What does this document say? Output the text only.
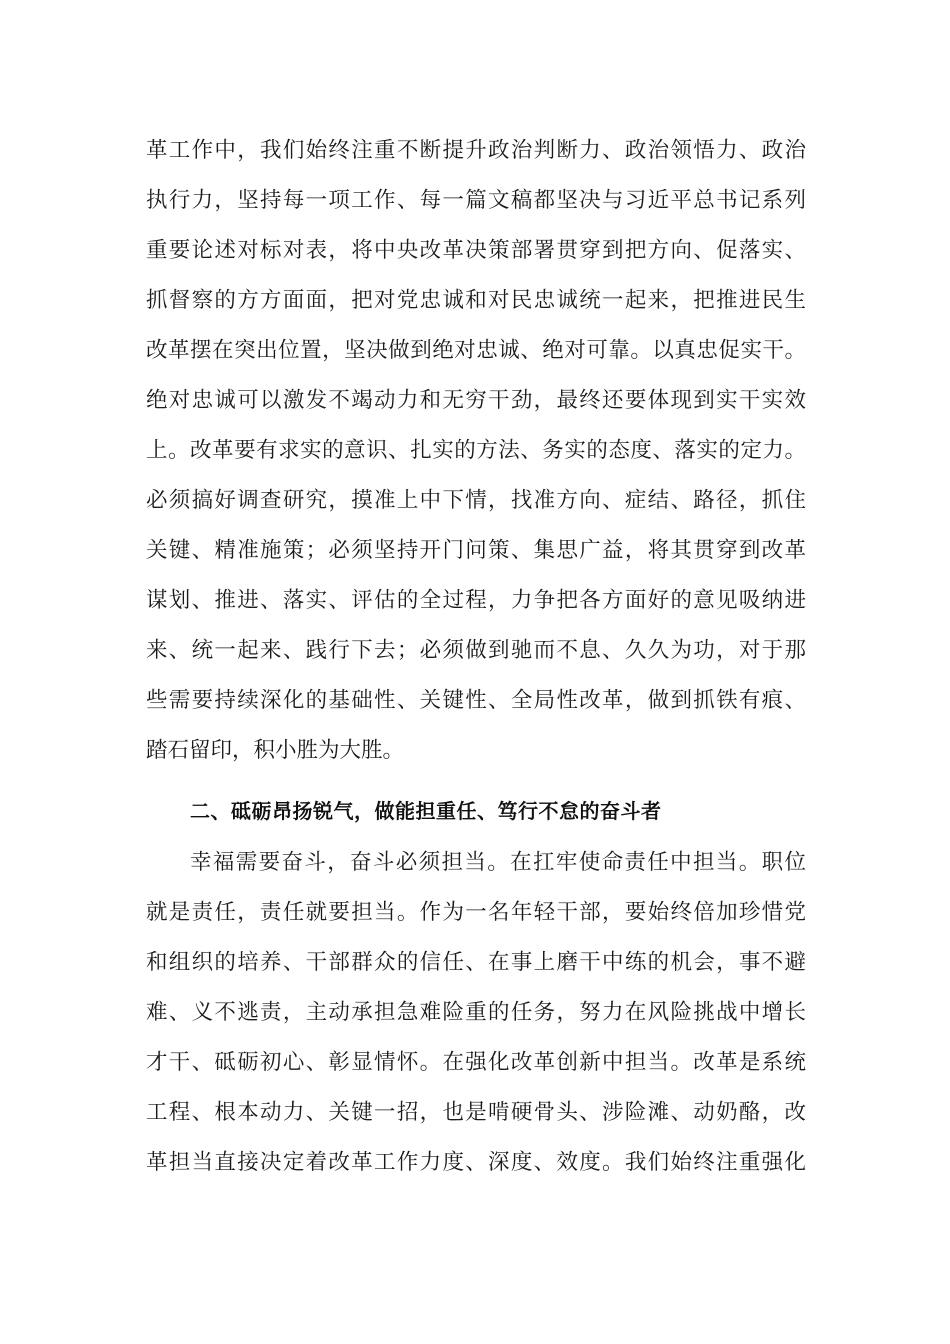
革工作中，我们始终注重不断提升政治判断力、政治领悟力、政治
执行力，坚持每一项工作、每一篇文稿都坚决与习近平总书记系列
重要论述对标对表，将中央改革决策部署贯穿到把方向、促落实、
抓督察的方方面面，把对党忠诚和对民忠诚统一起来，把推进民生
改革摆在突出位置，坚决做到绝对忠诚、绝对可靠。以真忠促实干。
绝对忠诚可以激发不竭动力和无穷干劲，最终还要体现到实干实效
上。改革要有求实的意识、扎实的方法、务实的态度、落实的定力。
必须搞好调查研究，摸准上中下情，找准方向、症结、路径，抓住
关键、精准施策；必须坚持开门问策、集思广益，将其贯穿到改革
谋划、推进、落实、评估的全过程，力争把各方面好的意见吸纳进
来、统一起来、践行下去；必须做到驰而不息、久久为功，对于那
些需要持续深化的基础性、关键性、全局性改革，做到抓铁有痕、
踏石留印，积小胜为大胜。
二、砥砺昂扬锐气，做能担重任、笃行不怠的奋斗者
幸福需要奋斗，奋斗必须担当。在扛牢使命责任中担当。职位
就是责任，责任就要担当。作为一名年轻干部，要始终倍加珍惜党
和组织的培养、干部群众的信任、在事上磨干中练的机会，事不避
难、义不逃责，主动承担急难险重的任务，努力在风险挑战中增长
才干、砥砺初心、彰显情怀。在强化改革创新中担当。改革是系统
工程、根本动力、关键一招，也是啃硬骨头、涉险滩、动奶酪，改
革担当直接决定着改革工作力度、深度、效度。我们始终注重强化
